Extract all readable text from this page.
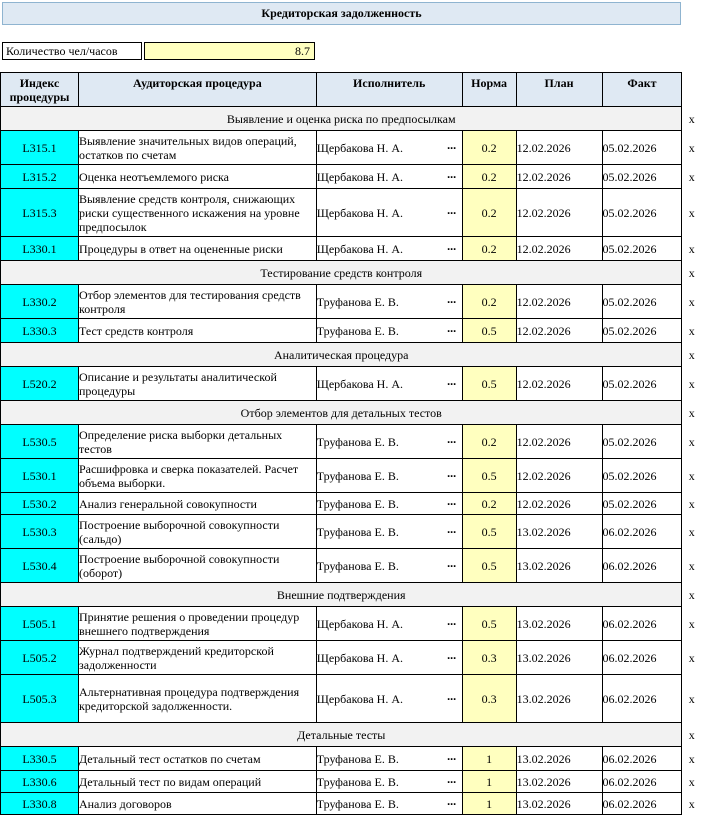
Кредиторская задолженность
Количество чел/часов	8.7
Индекс процедуры	Аудиторская процедура	Исполнитель	Норма	План	Факт	
Выявление и оценка риска по предпосылкам						x
L315.1	Выявление значительных видов операций, остатков по счетам	Щербакова Н. А. ···	0.2	12.02.2026	05.02.2026	x
L315.2	Оценка неотъемлемого риска	Щербакова Н. А. ···	0.2	12.02.2026	05.02.2026	x
L315.3	Выявление средств контроля, снижающих риски существенного искажения на уровне предпосылок	Щербакова Н. А. ···	0.2	12.02.2026	05.02.2026	x
L330.1	Процедуры в ответ на оцененные риски	Щербакова Н. А. ···	0.2	12.02.2026	05.02.2026	x
Тестирование средств контроля						x
L330.2	Отбор элементов для тестирования средств контроля	Труфанова Е. В. ···	0.2	12.02.2026	05.02.2026	x
L330.3	Тест средств контроля	Труфанова Е. В. ···	0.5	12.02.2026	05.02.2026	x
Аналитическая процедура						x
L520.2	Описание и результаты аналитической процедуры	Щербакова Н. А. ···	0.5	12.02.2026	05.02.2026	x
Отбор элементов для детальных тестов						x
L530.5	Определение риска выборки детальных тестов	Труфанова Е. В. ···	0.2	12.02.2026	05.02.2026	x
L530.1	Расшифровка и сверка показателей. Расчет объема выборки.	Труфанова Е. В. ···	0.5	12.02.2026	05.02.2026	x
L530.2	Анализ генеральной совокупности	Труфанова Е. В. ···	0.2	12.02.2026	05.02.2026	x
L530.3	Построение выборочной совокупности (сальдо)	Труфанова Е. В. ···	0.5	13.02.2026	06.02.2026	x
L530.4	Построение выборочной совокупности (оборот)	Труфанова Е. В. ···	0.5	13.02.2026	06.02.2026	x
Внешние подтверждения						x
L505.1	Принятие решения о проведении процедур внешнего подтверждения	Щербакова Н. А. ···	0.5	13.02.2026	06.02.2026	x
L505.2	Журнал подтверждений кредиторской задолженности	Щербакова Н. А. ···	0.3	13.02.2026	06.02.2026	x
L505.3	Альтернативная процедура подтверждения кредиторской задолженности.	Щербакова Н. А. ···	0.3	13.02.2026	06.02.2026	x
Детальные тесты						x
L330.5	Детальный тест остатков по счетам	Труфанова Е. В. ···	1	13.02.2026	06.02.2026	x
L330.6	Детальный тест по видам операций	Труфанова Е. В. ···	1	13.02.2026	06.02.2026	x
L330.8	Анализ договоров	Труфанова Е. В. ···	1	13.02.2026	06.02.2026	x
